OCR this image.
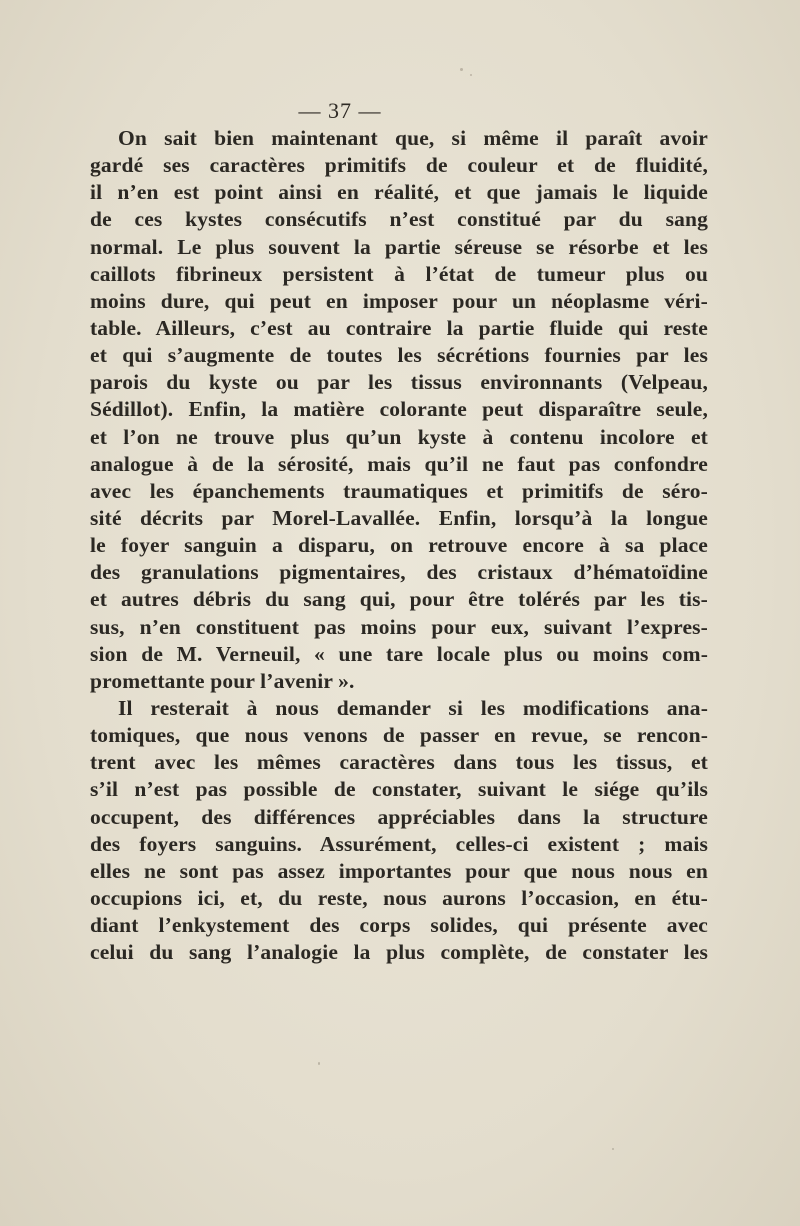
— 37 —
On sait bien maintenant que, si même il paraît avoir
gardé ses caractères primitifs de couleur et de fluidité,
il n’en est point ainsi en réalité, et que jamais le liquide
de ces kystes consécutifs n’est constitué par du sang
normal. Le plus souvent la partie séreuse se résorbe et les
caillots fibrineux persistent à l’état de tumeur plus ou
moins dure, qui peut en imposer pour un néoplasme véri-
table. Ailleurs, c’est au contraire la partie fluide qui reste
et qui s’augmente de toutes les sécrétions fournies par les
parois du kyste ou par les tissus environnants (Velpeau,
Sédillot). Enfin, la matière colorante peut disparaître seule,
et l’on ne trouve plus qu’un kyste à contenu incolore et
analogue à de la sérosité, mais qu’il ne faut pas confondre
avec les épanchements traumatiques et primitifs de séro-
sité décrits par Morel-Lavallée. Enfin, lorsqu’à la longue
le foyer sanguin a disparu, on retrouve encore à sa place
des granulations pigmentaires, des cristaux d’hématoïdine
et autres débris du sang qui, pour être tolérés par les tis-
sus, n’en constituent pas moins pour eux, suivant l’expres-
sion de M. Verneuil, « une tare locale plus ou moins com-
promettante pour l’avenir ».
Il resterait à nous demander si les modifications ana-
tomiques, que nous venons de passer en revue, se rencon-
trent avec les mêmes caractères dans tous les tissus, et
s’il n’est pas possible de constater, suivant le siége qu’ils
occupent, des différences appréciables dans la structure
des foyers sanguins. Assurément, celles-ci existent ; mais
elles ne sont pas assez importantes pour que nous nous en
occupions ici, et, du reste, nous aurons l’occasion, en étu-
diant l’enkystement des corps solides, qui présente avec
celui du sang l’analogie la plus complète, de constater les
